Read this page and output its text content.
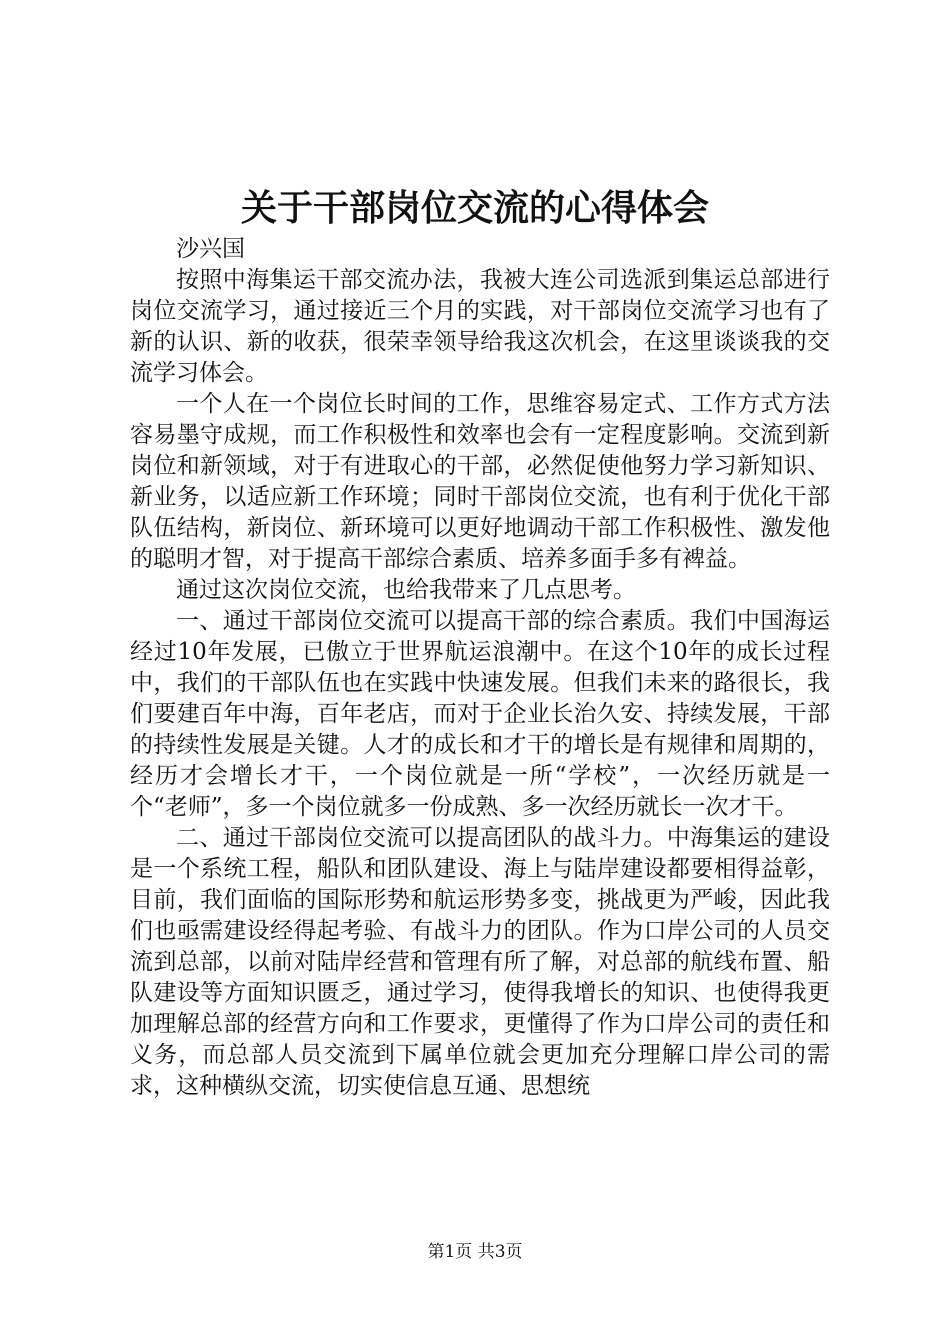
关于干部岗位交流的心得体会

沙兴国

按照中海集运干部交流办法，我被大连公司选派到集运总部进行岗位交流学习，通过接近三个月的实践，对干部岗位交流学习也有了新的认识、新的收获，很荣幸领导给我这次机会，在这里谈谈我的交流学习体会。

一个人在一个岗位长时间的工作，思维容易定式、工作方式方法容易墨守成规，而工作积极性和效率也会有一定程度影响。交流到新岗位和新领域，对于有进取心的干部，必然促使他努力学习新知识、新业务，以适应新工作环境；同时干部岗位交流，也有利于优化干部队伍结构，新岗位、新环境可以更好地调动干部工作积极性、激发他的聪明才智，对于提高干部综合素质、培养多面手多有裨益。

通过这次岗位交流，也给我带来了几点思考。

一、通过干部岗位交流可以提高干部的综合素质。我们中国海运经过10年发展，已傲立于世界航运浪潮中。在这个10年的成长过程中，我们的干部队伍也在实践中快速发展。但我们未来的路很长，我们要建百年中海，百年老店，而对于企业长治久安、持续发展，干部的持续性发展是关键。人才的成长和才干的增长是有规律和周期的，经历才会增长才干，一个岗位就是一所“学校”，一次经历就是一个“老师”，多一个岗位就多一份成熟、多一次经历就长一次才干。

二、通过干部岗位交流可以提高团队的战斗力。中海集运的建设是一个系统工程，船队和团队建设、海上与陆岸建设都要相得益彰，目前，我们面临的国际形势和航运形势多变，挑战更为严峻，因此我们也亟需建设经得起考验、有战斗力的团队。作为口岸公司的人员交流到总部，以前对陆岸经营和管理有所了解，对总部的航线布置、船队建设等方面知识匮乏，通过学习，使得我增长的知识、也使得我更加理解总部的经营方向和工作要求，更懂得了作为口岸公司的责任和义务，而总部人员交流到下属单位就会更加充分理解口岸公司的需求，这种横纵交流，切实使信息互通、思想统

第1页 共3页
